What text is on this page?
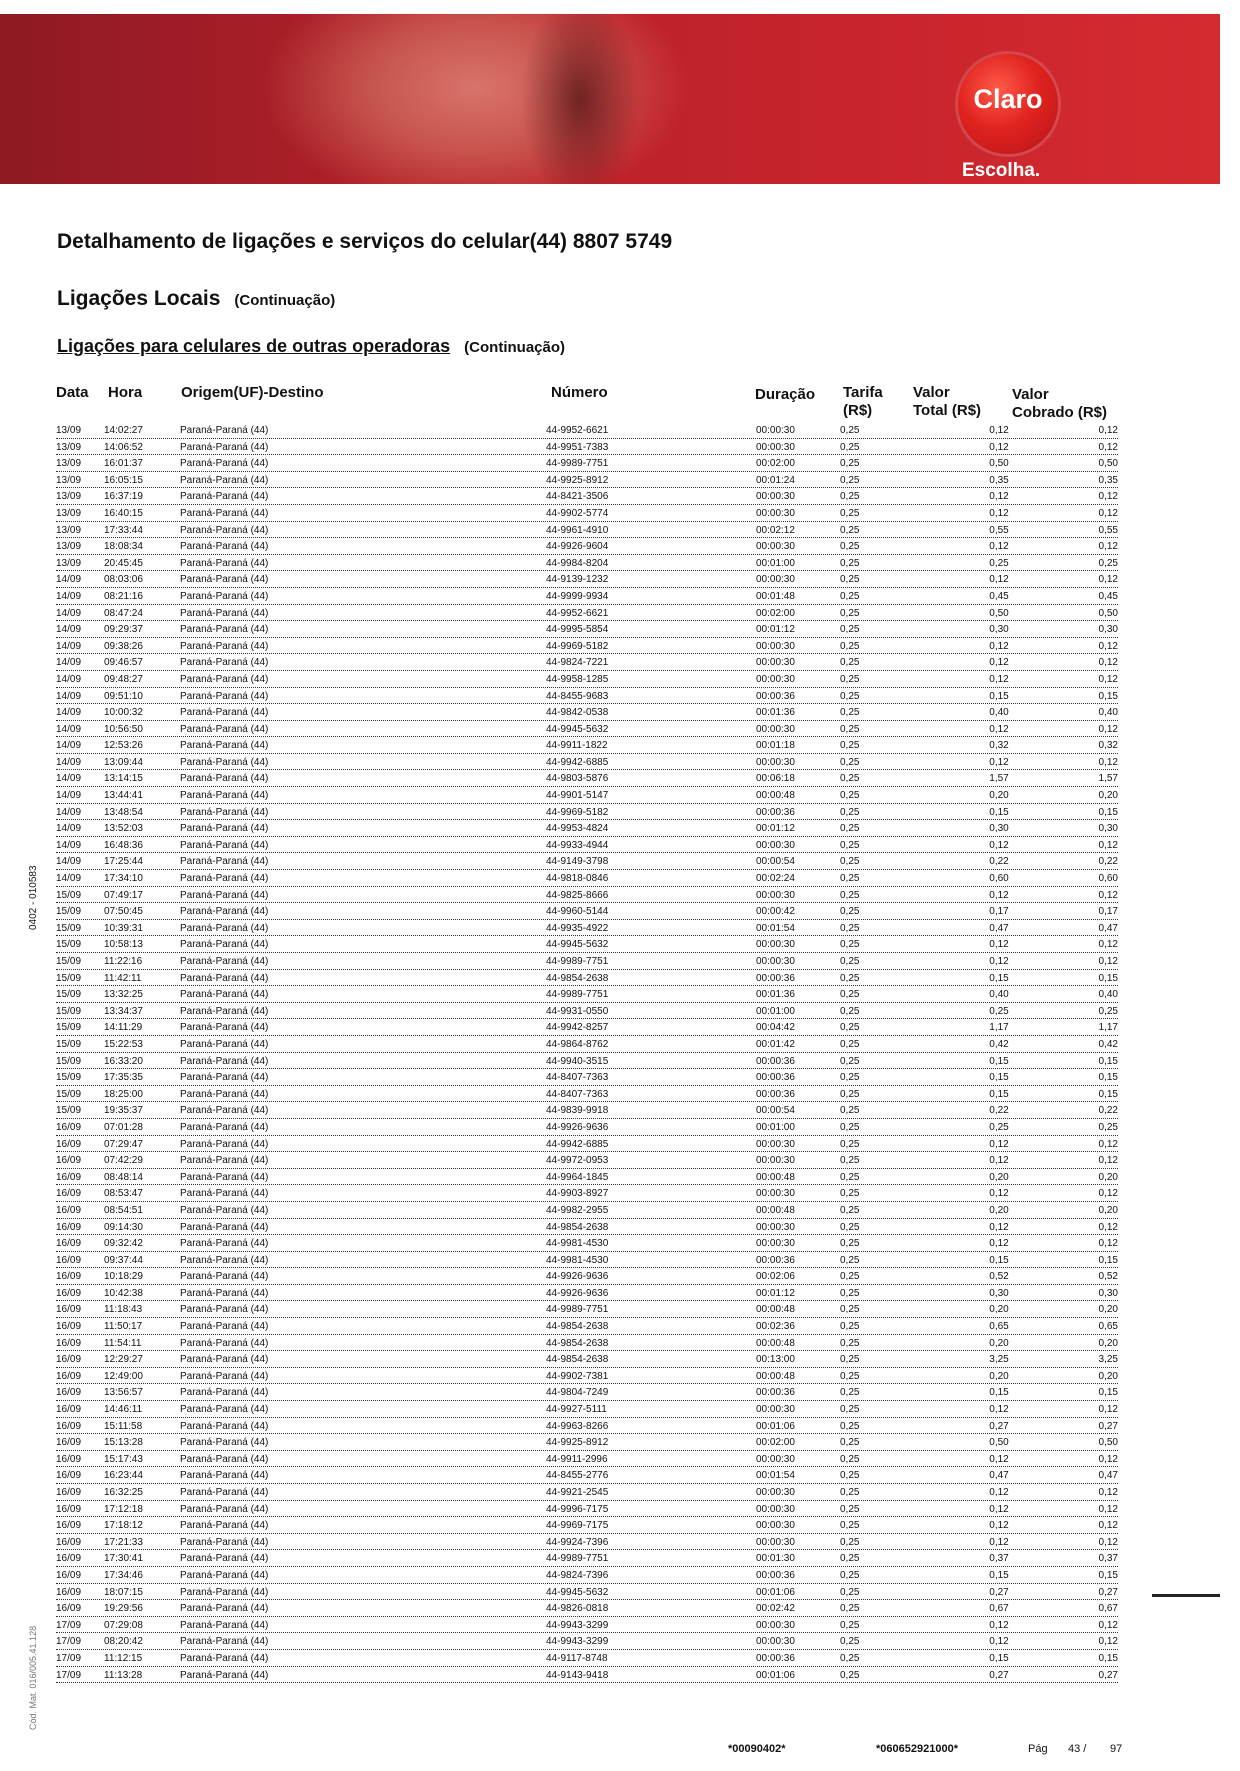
Claro
Escolha.
Detalhamento de ligações e serviços do celular(44) 8807 5749
Ligações Locais (Continuação)
Ligações para celulares de outras operadoras (Continuação)
Data Hora	Origem(UF)-Destino	Número	Duração Tarifa
(R$)
Valor
Total (R$)
Valor
Cobrado (R$)
13/09 14:02:27	Paraná-Paraná (44)	44-9952-6621	00:00:30	0,25	0,12	0,12
13/09 14:06:52	Paraná-Paraná (44)	44-9951-7383	00:00:30	0,25	0,12	0,12
13/09 16:01:37	Paraná-Paraná (44)	44-9989-7751	00:02:00	0,25	0,50	0,50
13/09 16:05:15	Paraná-Paraná (44)	44-9925-8912	00:01:24	0,25	0,35	0,35
13/09 16:37:19	Paraná-Paraná (44)	44-8421-3506	00:00:30	0,25	0,12	0,12
13/09 16:40:15	Paraná-Paraná (44)	44-9902-5774	00:00:30	0,25	0,12	0,12
13/09 17:33:44	Paraná-Paraná (44)	44-9961-4910	00:02:12	0,25	0,55	0,55
13/09 18:08:34	Paraná-Paraná (44)	44-9926-9604	00:00:30	0,25	0,12	0,12
13/09 20:45:45	Paraná-Paraná (44)	44-9984-8204	00:01:00	0,25	0,25	0,25
14/09 08:03:06	Paraná-Paraná (44)	44-9139-1232	00:00:30	0,25	0,12	0,12
14/09 08:21:16	Paraná-Paraná (44)	44-9999-9934	00:01:48	0,25	0,45	0,45
14/09 08:47:24	Paraná-Paraná (44)	44-9952-6621	00:02:00	0,25	0,50	0,50
14/09 09:29:37	Paraná-Paraná (44)	44-9995-5854	00:01:12	0,25	0,30	0,30
14/09 09:38:26	Paraná-Paraná (44)	44-9969-5182	00:00:30	0,25	0,12	0,12
14/09 09:46:57	Paraná-Paraná (44)	44-9824-7221	00:00:30	0,25	0,12	0,12
14/09 09:48:27	Paraná-Paraná (44)	44-9958-1285	00:00:30	0,25	0,12	0,12
14/09 09:51:10	Paraná-Paraná (44)	44-8455-9683	00:00:36	0,25	0,15	0,15
14/09 10:00:32	Paraná-Paraná (44)	44-9842-0538	00:01:36	0,25	0,40	0,40
14/09 10:56:50	Paraná-Paraná (44)	44-9945-5632	00:00:30	0,25	0,12	0,12
14/09 12:53:26	Paraná-Paraná (44)	44-9911-1822	00:01:18	0,25	0,32	0,32
14/09 13:09:44	Paraná-Paraná (44)	44-9942-6885	00:00:30	0,25	0,12	0,12
14/09 13:14:15	Paraná-Paraná (44)	44-9803-5876	00:06:18	0,25	1,57	1,57
14/09 13:44:41	Paraná-Paraná (44)	44-9901-5147	00:00:48	0,25	0,20	0,20
14/09 13:48:54	Paraná-Paraná (44)	44-9969-5182	00:00:36	0,25	0,15	0,15
14/09 13:52:03	Paraná-Paraná (44)	44-9953-4824	00:01:12	0,25	0,30	0,30
14/09 16:48:36	Paraná-Paraná (44)	44-9933-4944	00:00:30	0,25	0,12	0,12
14/09 17:25:44	Paraná-Paraná (44)	44-9149-3798	00:00:54	0,25	0,22	0,22
14/09 17:34:10	Paraná-Paraná (44)	44-9818-0846	00:02:24	0,25	0,60	0,60
15/09 07:49:17	Paraná-Paraná (44)	44-9825-8666	00:00:30	0,25	0,12	0,12
15/09 07:50:45	Paraná-Paraná (44)	44-9960-5144	00:00:42	0,25	0,17	0,17
15/09 10:39:31	Paraná-Paraná (44)	44-9935-4922	00:01:54	0,25	0,47	0,47
15/09 10:58:13	Paraná-Paraná (44)	44-9945-5632	00:00:30	0,25	0,12	0,12
15/09 11:22:16	Paraná-Paraná (44)	44-9989-7751	00:00:30	0,25	0,12	0,12
15/09 11:42:11	Paraná-Paraná (44)	44-9854-2638	00:00:36	0,25	0,15	0,15
15/09 13:32:25	Paraná-Paraná (44)	44-9989-7751	00:01:36	0,25	0,40	0,40
15/09 13:34:37	Paraná-Paraná (44)	44-9931-0550	00:01:00	0,25	0,25	0,25
15/09 14:11:29	Paraná-Paraná (44)	44-9942-8257	00:04:42	0,25	1,17	1,17
15/09 15:22:53	Paraná-Paraná (44)	44-9864-8762	00:01:42	0,25	0,42	0,42
15/09 16:33:20	Paraná-Paraná (44)	44-9940-3515	00:00:36	0,25	0,15	0,15
15/09 17:35:35	Paraná-Paraná (44)	44-8407-7363	00:00:36	0,25	0,15	0,15
15/09 18:25:00	Paraná-Paraná (44)	44-8407-7363	00:00:36	0,25	0,15	0,15
15/09 19:35:37	Paraná-Paraná (44)	44-9839-9918	00:00:54	0,25	0,22	0,22
16/09 07:01:28	Paraná-Paraná (44)	44-9926-9636	00:01:00	0,25	0,25	0,25
16/09 07:29:47	Paraná-Paraná (44)	44-9942-6885	00:00:30	0,25	0,12	0,12
16/09 07:42:29	Paraná-Paraná (44)	44-9972-0953	00:00:30	0,25	0,12	0,12
16/09 08:48:14	Paraná-Paraná (44)	44-9964-1845	00:00:48	0,25	0,20	0,20
16/09 08:53:47	Paraná-Paraná (44)	44-9903-8927	00:00:30	0,25	0,12	0,12
16/09 08:54:51	Paraná-Paraná (44)	44-9982-2955	00:00:48	0,25	0,20	0,20
16/09 09:14:30	Paraná-Paraná (44)	44-9854-2638	00:00:30	0,25	0,12	0,12
16/09 09:32:42	Paraná-Paraná (44)	44-9981-4530	00:00:30	0,25	0,12	0,12
16/09 09:37:44	Paraná-Paraná (44)	44-9981-4530	00:00:36	0,25	0,15	0,15
16/09 10:18:29	Paraná-Paraná (44)	44-9926-9636	00:02:06	0,25	0,52	0,52
16/09 10:42:38	Paraná-Paraná (44)	44-9926-9636	00:01:12	0,25	0,30	0,30
16/09 11:18:43	Paraná-Paraná (44)	44-9989-7751	00:00:48	0,25	0,20	0,20
16/09 11:50:17	Paraná-Paraná (44)	44-9854-2638	00:02:36	0,25	0,65	0,65
16/09 11:54:11	Paraná-Paraná (44)	44-9854-2638	00:00:48	0,25	0,20	0,20
16/09 12:29:27	Paraná-Paraná (44)	44-9854-2638	00:13:00	0,25	3,25	3,25
16/09 12:49:00	Paraná-Paraná (44)	44-9902-7381	00:00:48	0,25	0,20	0,20
16/09 13:56:57	Paraná-Paraná (44)	44-9804-7249	00:00:36	0,25	0,15	0,15
16/09 14:46:11	Paraná-Paraná (44)	44-9927-5111	00:00:30	0,25	0,12	0,12
16/09 15:11:58	Paraná-Paraná (44)	44-9963-8266	00:01:06	0,25	0,27	0,27
16/09 15:13:28	Paraná-Paraná (44)	44-9925-8912	00:02:00	0,25	0,50	0,50
16/09 15:17:43	Paraná-Paraná (44)	44-9911-2996	00:00:30	0,25	0,12	0,12
16/09 16:23:44	Paraná-Paraná (44)	44-8455-2776	00:01:54	0,25	0,47	0,47
16/09 16:32:25	Paraná-Paraná (44)	44-9921-2545	00:00:30	0,25	0,12	0,12
16/09 17:12:18	Paraná-Paraná (44)	44-9996-7175	00:00:30	0,25	0,12	0,12
16/09 17:18:12	Paraná-Paraná (44)	44-9969-7175	00:00:30	0,25	0,12	0,12
16/09 17:21:33	Paraná-Paraná (44)	44-9924-7396	00:00:30	0,25	0,12	0,12
16/09 17:30:41	Paraná-Paraná (44)	44-9989-7751	00:01:30	0,25	0,37	0,37
16/09 17:34:46	Paraná-Paraná (44)	44-9824-7396	00:00:36	0,25	0,15	0,15
16/09 18:07:15	Paraná-Paraná (44)	44-9945-5632	00:01:06	0,25	0,27	0,27
16/09 19:29:56	Paraná-Paraná (44)	44-9826-0818	00:02:42	0,25	0,67	0,67
17/09 07:29:08	Paraná-Paraná (44)	44-9943-3299	00:00:30	0,25	0,12	0,12
17/09 08:20:42	Paraná-Paraná (44)	44-9943-3299	00:00:30	0,25	0,12	0,12
17/09 11:12:15	Paraná-Paraná (44)	44-9117-8748	00:00:36	0,25	0,15	0,15
17/09 11:13:28	Paraná-Paraná (44)	44-9143-9418	00:01:06	0,25	0,27	0,27
0402 - 010583
Cód. Mat. 016/005.41.128
*00090402*	*060652921000*	Pág 43 / 97
